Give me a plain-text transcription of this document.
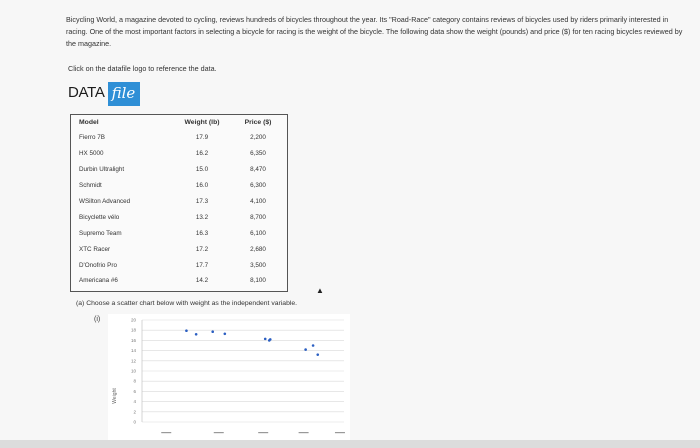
Bicycling World, a magazine devoted to cycling, reviews hundreds of bicycles throughout the year. Its "Road-Race" category contains reviews of bicycles used by riders primarily interested in racing. One of the most important factors in selecting a bicycle for racing is the weight of the bicycle. The following data show the weight (pounds) and price ($) for ten racing bicycles reviewed by the magazine.
Click on the datafile logo to reference the data.
DATA file
Model	Weight (lb)	Price ($)
Fierro 7B	17.9	2,200
HX 5000	16.2	6,350
Durbin Ultralight	15.0	8,470
Schmidt	16.0	6,300
WSilton Advanced	17.3	4,100
Bicyclette vélo	13.2	8,700
Supremo Team	16.3	6,100
XTC Racer	17.2	2,680
D'Onofrio Pro	17.7	3,500
Americana #6	14.2	8,100
▲
(a) Choose a scatter chart below with weight as the independent variable.
(i)	20
18
16
14
12
10
8
6
4
2
0
Weight
